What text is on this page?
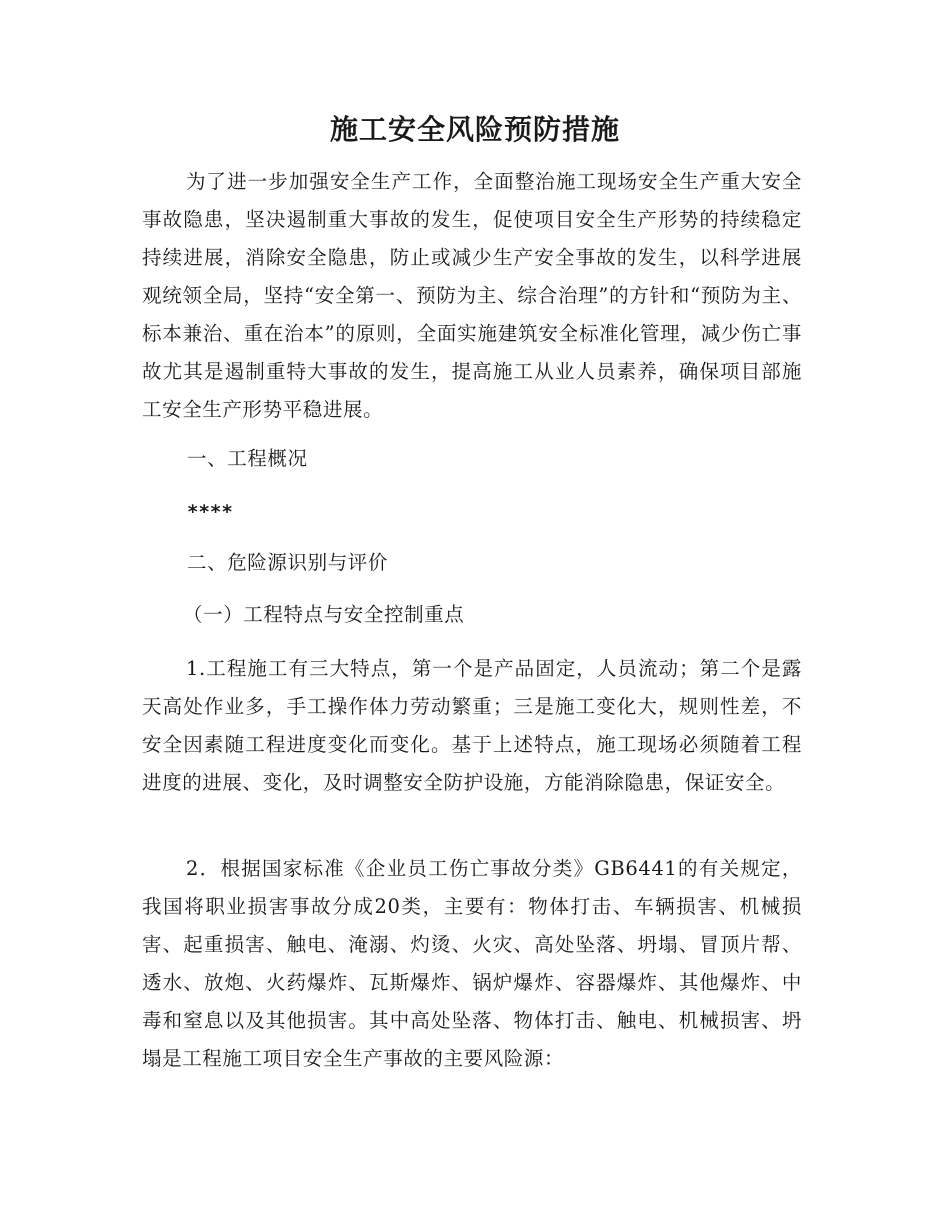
施工安全风险预防措施

为了进一步加强安全生产工作，全面整治施工现场安全生产重大安全事故隐患，坚决遏制重大事故的发生，促使项目安全生产形势的持续稳定持续进展，消除安全隐患，防止或减少生产安全事故的发生，以科学进展观统领全局，坚持“安全第一、预防为主、综合治理”的方针和“预防为主、标本兼治、重在治本”的原则，全面实施建筑安全标准化管理，减少伤亡事故尤其是遏制重特大事故的发生，提高施工从业人员素养，确保项目部施工安全生产形势平稳进展。

一、工程概况

****

二、危险源识别与评价

（一）工程特点与安全控制重点

1.工程施工有三大特点，第一个是产品固定，人员流动；第二个是露天高处作业多，手工操作体力劳动繁重；三是施工变化大，规则性差，不安全因素随工程进度变化而变化。基于上述特点，施工现场必须随着工程进度的进展、变化，及时调整安全防护设施，方能消除隐患，保证安全。

2．根据国家标准《企业员工伤亡事故分类》GB6441的有关规定，我国将职业损害事故分成20类，主要有：物体打击、车辆损害、机械损害、起重损害、触电、淹溺、灼烫、火灾、高处坠落、坍塌、冒顶片帮、透水、放炮、火药爆炸、瓦斯爆炸、锅炉爆炸、容器爆炸、其他爆炸、中毒和窒息以及其他损害。其中高处坠落、物体打击、触电、机械损害、坍塌是工程施工项目安全生产事故的主要风险源：
